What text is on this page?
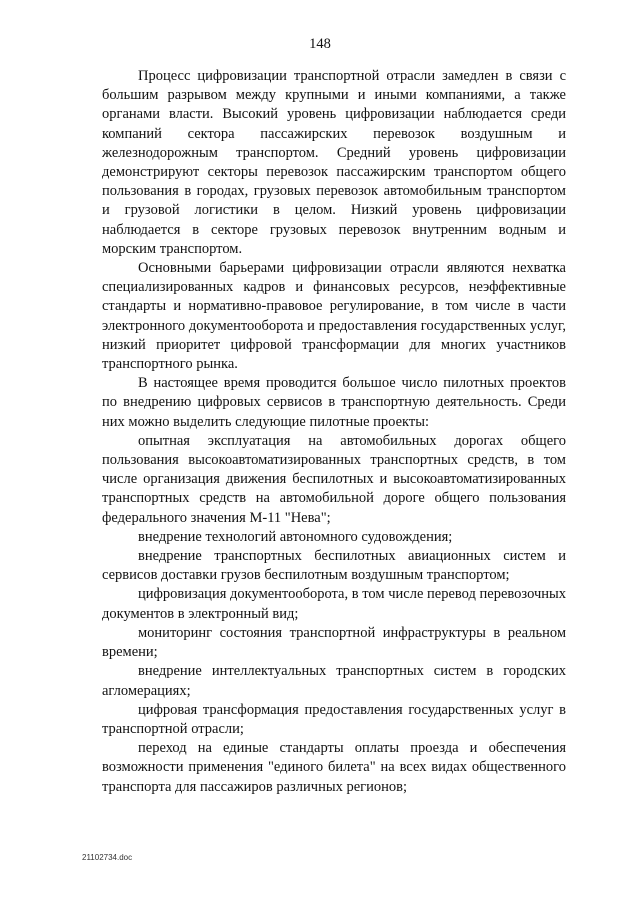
148

Процесс цифровизации транспортной отрасли замедлен в связи с большим разрывом между крупными и иными компаниями, а также органами власти. Высокий уровень цифровизации наблюдается среди компаний сектора пассажирских перевозок воздушным и железнодорожным транспортом. Средний уровень цифровизации демонстрируют секторы перевозок пассажирским транспортом общего пользования в городах, грузовых перевозок автомобильным транспортом и грузовой логистики в целом. Низкий уровень цифровизации наблюдается в секторе грузовых перевозок внутренним водным и морским транспортом.

Основными барьерами цифровизации отрасли являются нехватка специализированных кадров и финансовых ресурсов, неэффективные стандарты и нормативно-правовое регулирование, в том числе в части электронного документооборота и предоставления государственных услуг, низкий приоритет цифровой трансформации для многих участников транспортного рынка.

В настоящее время проводится большое число пилотных проектов по внедрению цифровых сервисов в транспортную деятельность. Среди них можно выделить следующие пилотные проекты:

опытная эксплуатация на автомобильных дорогах общего пользования высокоавтоматизированных транспортных средств, в том числе организация движения беспилотных и высокоавтоматизированных транспортных средств на автомобильной дороге общего пользования федерального значения М-11 "Нева";

внедрение технологий автономного судовождения;

внедрение транспортных беспилотных авиационных систем и сервисов доставки грузов беспилотным воздушным транспортом;

цифровизация документооборота, в том числе перевод перевозочных документов в электронный вид;

мониторинг состояния транспортной инфраструктуры в реальном времени;

внедрение интеллектуальных транспортных систем в городских агломерациях;

цифровая трансформация предоставления государственных услуг в транспортной отрасли;

переход на единые стандарты оплаты проезда и обеспечения возможности применения "единого билета" на всех видах общественного транспорта для пассажиров различных регионов;

21102734.doc
